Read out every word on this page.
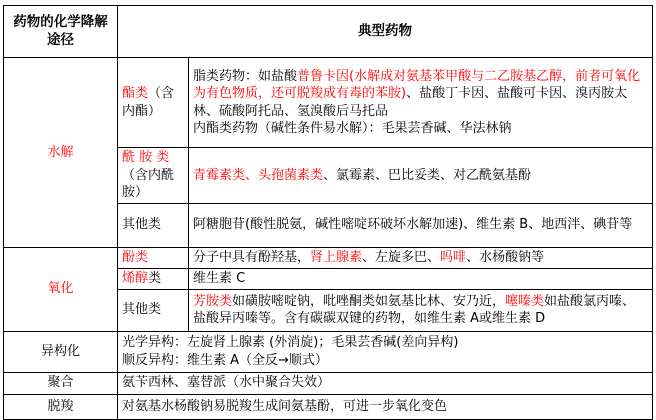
药物的化学降解途径	典型药物	
水解	酯类（含内酯）	脂类药物：如盐酸普鲁卡因(水解成对氨基苯甲酸与二乙胺基乙醇，前者可氧化为有色物质，还可脱羧成有毒的苯胺)、盐酸丁卡因、盐酸可卡因、溴丙胺太林、硫酸阿托品、氢溴酸后马托品
内酯类药物（碱性条件易水解）：毛果芸香碱、华法林钠

	酰 胺 类（含内酰胺）	青霉素类、头孢菌素类、氯霉素、巴比妥类、对乙酰氨基酚

	其他类	阿糖胞苷(酸性脱氨，碱性嘧啶环破坏水解加速)、维生素 B、地西泮、碘苷等

氧化	酚类	分子中具有酚羟基，肾上腺素、左旋多巴、吗啡、水杨酸钠等

	烯醇类	维生素 C

	其他类	芳胺类如磺胺嘧啶钠，吡唑酮类如氨基比林、安乃近，噻嗪类如盐酸氯丙嗪、盐酸异丙嗪等。含有碳碳双键的药物，如维生素 A或维生素 D

异构化	光学异构：左旋肾上腺素 (外消旋)；毛果芸香碱(差向异构)
顺反异构：维生素 A（全反→顺式）	

聚合	氨苄西林、塞替派（水中聚合失效）	

脱羧	对氨基水杨酸钠易脱羧生成间氨基酚，可进一步氧化变色	
